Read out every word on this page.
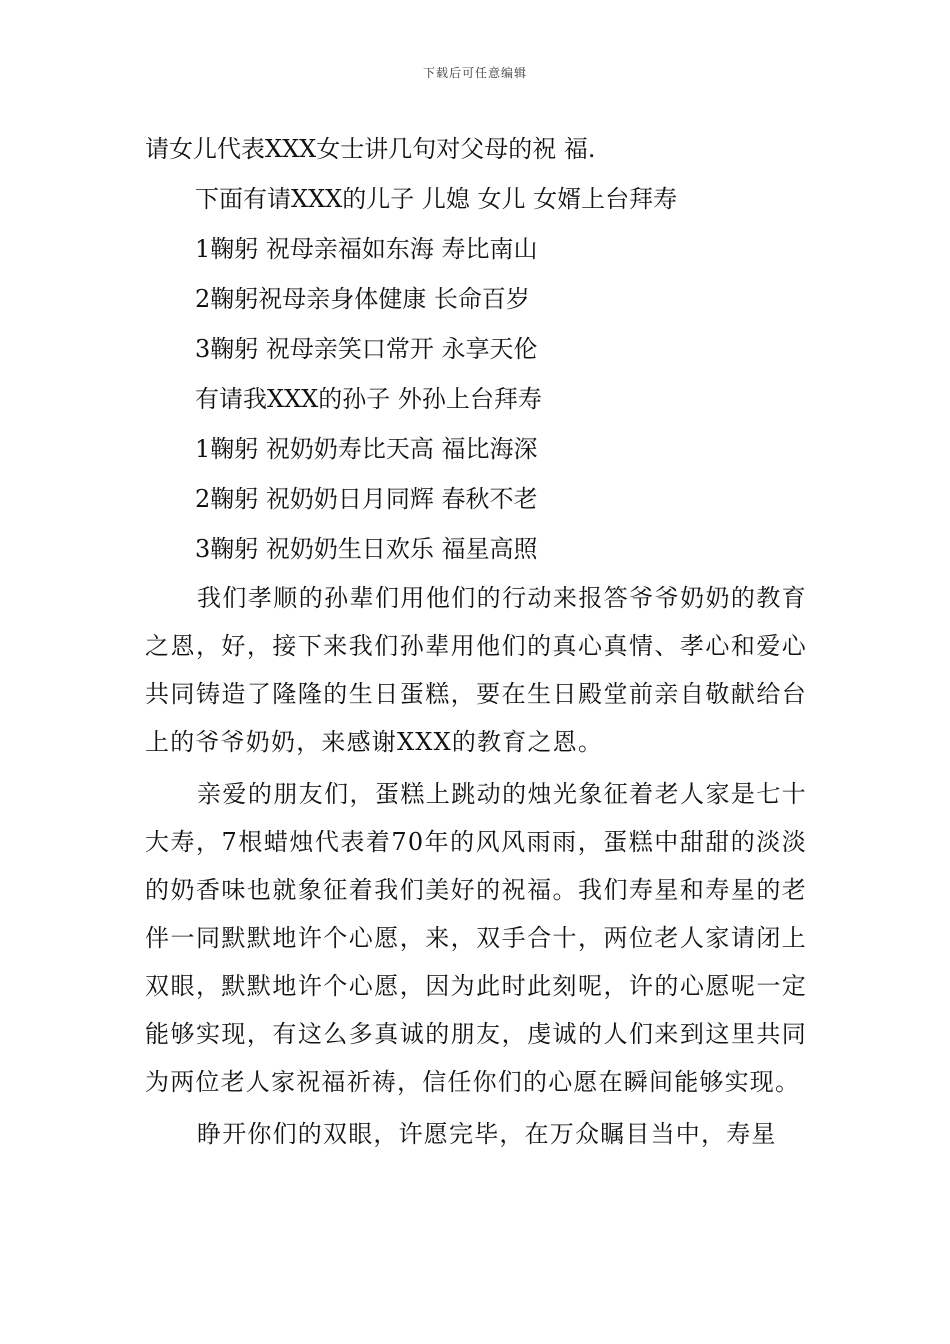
下载后可任意编辑

请女儿代表XXX女士讲几句对父母的祝 福.

下面有请XXX的儿子 儿媳 女儿 女婿上台拜寿

1鞠躬 祝母亲福如东海 寿比南山

2鞠躬祝母亲身体健康 长命百岁

3鞠躬 祝母亲笑口常开 永享天伦

有请我XXX的孙子 外孙上台拜寿

1鞠躬 祝奶奶寿比天高 福比海深

2鞠躬 祝奶奶日月同辉 春秋不老

3鞠躬 祝奶奶生日欢乐 福星高照

我们孝顺的孙辈们用他们的行动来报答爷爷奶奶的教育之恩，好，接下来我们孙辈用他们的真心真情、孝心和爱心共同铸造了隆隆的生日蛋糕，要在生日殿堂前亲自敬献给台上的爷爷奶奶，来感谢XXX的教育之恩。

亲爱的朋友们，蛋糕上跳动的烛光象征着老人家是七十大寿，7根蜡烛代表着70年的风风雨雨，蛋糕中甜甜的淡淡的奶香味也就象征着我们美好的祝福。我们寿星和寿星的老伴一同默默地许个心愿，来，双手合十，两位老人家请闭上双眼，默默地许个心愿，因为此时此刻呢，许的心愿呢一定能够实现，有这么多真诚的朋友，虔诚的人们来到这里共同为两位老人家祝福祈祷，信任你们的心愿在瞬间能够实现。

睁开你们的双眼，许愿完毕，在万众瞩目当中，寿星
